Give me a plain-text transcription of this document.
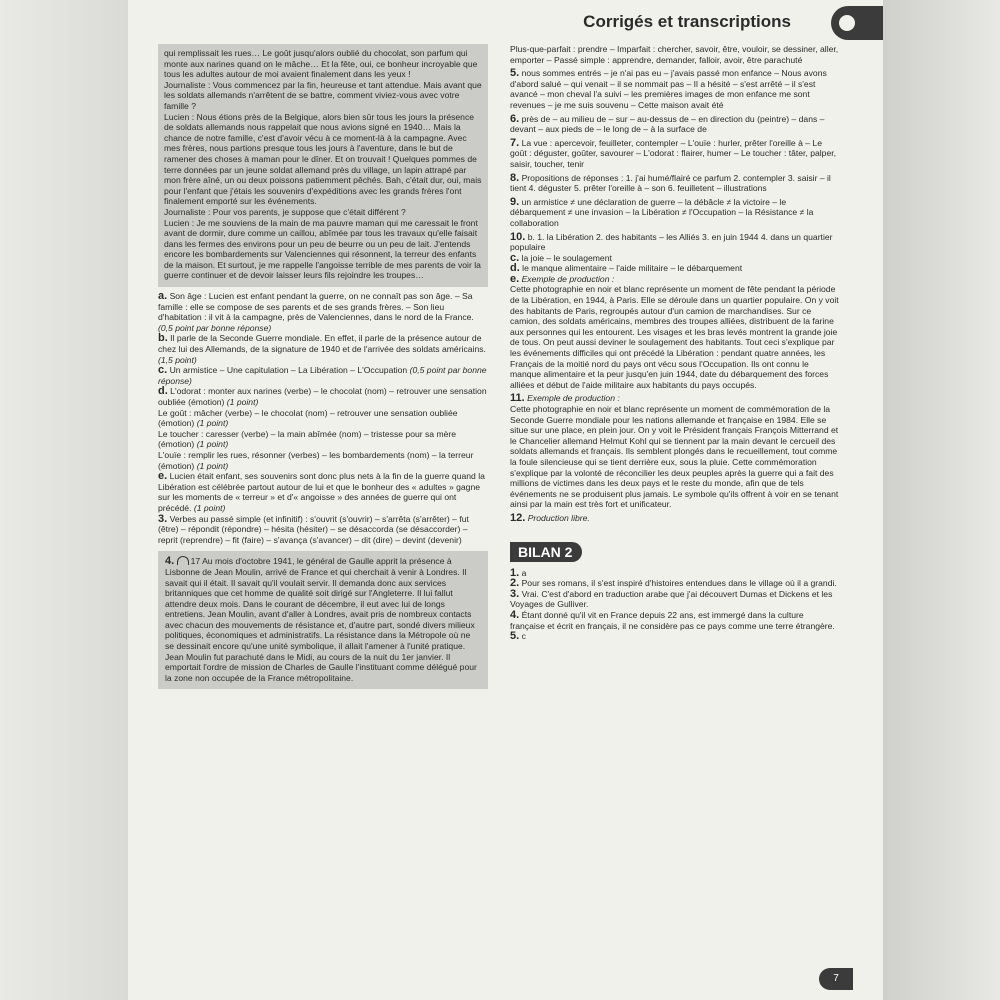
Corrigés et transcriptions

qui remplissait les rues… Le goût jusqu'alors oublié du chocolat, son parfum qui monte aux narines quand on le mâche… Et la fête, oui, ce bonheur incroyable que tous les adultes autour de moi avaient finalement dans les yeux !

Journaliste : Vous commencez par la fin, heureuse et tant attendue. Mais avant que les soldats allemands n'arrêtent de se battre, comment viviez-vous avec votre famille ?

Lucien : Nous étions près de la Belgique, alors bien sûr tous les jours la présence de soldats allemands nous rappelait que nous avions signé en 1940… Mais la chance de notre famille, c'est d'avoir vécu à ce moment-là à la campagne. Avec mes frères, nous partions presque tous les jours à l'aventure, dans le but de ramener des choses à maman pour le dîner. Et on trouvait ! Quelques pommes de terre données par un jeune soldat allemand près du village, un lapin attrapé par mon frère aîné, un ou deux poissons patiemment pêchés. Bah, c'était dur, oui, mais pour l'enfant que j'étais les souvenirs d'expéditions avec les grands frères l'ont finalement emporté sur les événements.

Journaliste : Pour vos parents, je suppose que c'était différent ?

Lucien : Je me souviens de la main de ma pauvre maman qui me caressait le front avant de dormir, dure comme un caillou, abîmée par tous les travaux qu'elle faisait dans les fermes des environs pour un peu de beurre ou un peu de lait. J'entends encore les bombardements sur Valenciennes qui résonnent, la terreur des enfants de la maison. Et surtout, je me rappelle l'angoisse terrible de mes parents de voir la guerre continuer et de devoir laisser leurs fils rejoindre les troupes…

a. Son âge : Lucien est enfant pendant la guerre, on ne connaît pas son âge. – Sa famille : elle se compose de ses parents et de ses grands frères. – Son lieu d'habitation : il vit à la campagne, près de Valenciennes, dans le nord de la France. (0,5 point par bonne réponse)

b. Il parle de la Seconde Guerre mondiale. En effet, il parle de la présence autour de chez lui des Allemands, de la signature de 1940 et de l'arrivée des soldats américains. (1,5 point)

c. Un armistice – Une capitulation – La Libération – L'Occupation (0,5 point par bonne réponse)

d. L'odorat : monter aux narines (verbe) – le chocolat (nom) – retrouver une sensation oubliée (émotion) (1 point)

Le goût : mâcher (verbe) – le chocolat (nom) – retrouver une sensation oubliée (émotion) (1 point)

Le toucher : caresser (verbe) – la main abîmée (nom) – tristesse pour sa mère (émotion) (1 point)

L'ouïe : remplir les rues, résonner (verbes) – les bombardements (nom) – la terreur (émotion) (1 point)

e. Lucien était enfant, ses souvenirs sont donc plus nets à la fin de la guerre quand la Libération est célébrée partout autour de lui et que le bonheur des « adultes » gagne sur les moments de « terreur » et d'« angoisse » des années de guerre qui ont précédé. (1 point)

3. Verbes au passé simple (et infinitif) : s'ouvrit (s'ouvrir) – s'arrêta (s'arrêter) – fut (être) – répondit (répondre) – hésita (hésiter) – se désaccorda (se désaccorder) – reprit (reprendre) – fit (faire) – s'avança (s'avancer) – dit (dire) – devint (devenir)

4. 17 Au mois d'octobre 1941, le général de Gaulle apprit la présence à Lisbonne de Jean Moulin, arrivé de France et qui cherchait à venir à Londres. Il savait qui il était. Il savait qu'il voulait servir. Il demanda donc aux services britanniques que cet homme de qualité soit dirigé sur l'Angleterre. Il lui fallut attendre deux mois. Dans le courant de décembre, il eut avec lui de longs entretiens. Jean Moulin, avant d'aller à Londres, avait pris de nombreux contacts avec chacun des mouvements de résistance et, d'autre part, sondé divers milieux politiques, économiques et administratifs. La résistance dans la Métropole où ne se dessinait encore qu'une unité symbolique, il allait l'amener à l'unité pratique. Jean Moulin fut parachuté dans le Midi, au cours de la nuit du 1er janvier. Il emportait l'ordre de mission de Charles de Gaulle l'instituant comme délégué pour la zone non occupée de la France métropolitaine.

Plus-que-parfait : prendre – Imparfait : chercher, savoir, être, vouloir, se dessiner, aller, emporter – Passé simple : apprendre, demander, falloir, avoir, être parachuté

5. nous sommes entrés – je n'ai pas eu – j'avais passé mon enfance – Nous avons d'abord salué – qui venait – il se nommait pas – Il a hésité – s'est arrêté – il s'est avancé – mon cheval l'a suivi – les premières images de mon enfance me sont revenues – je me suis souvenu – Cette maison avait été

6. près de – au milieu de – sur – au-dessus de – en direction du (peintre) – dans – devant – aux pieds de – le long de – à la surface de

7. La vue : apercevoir, feuilleter, contempler – L'ouïe : hurler, prêter l'oreille à – Le goût : déguster, goûter, savourer – L'odorat : flairer, humer – Le toucher : tâter, palper, saisir, toucher, tenir

8. Propositions de réponses : 1. j'ai humé/flairé ce parfum 2. contempler 3. saisir – il tient 4. déguster 5. prêter l'oreille à – son 6. feuilletent – illustrations

9. un armistice ≠ une déclaration de guerre – la débâcle ≠ la victoire – le débarquement ≠ une invasion – la Libération ≠ l'Occupation – la Résistance ≠ la collaboration

10. b. 1. la Libération 2. des habitants – les Alliés 3. en juin 1944 4. dans un quartier populaire

c. la joie – le soulagement

d. le manque alimentaire – l'aide militaire – le débarquement

e. Exemple de production :

Cette photographie en noir et blanc représente un moment de fête pendant la période de la Libération, en 1944, à Paris. Elle se déroule dans un quartier populaire. On y voit des habitants de Paris, regroupés autour d'un camion de marchandises. Sur ce camion, des soldats américains, membres des troupes alliées, distribuent de la farine aux personnes qui les entourent. Les visages et les bras levés montrent la grande joie de tous. On peut aussi deviner le soulagement des habitants. Tout ceci s'explique par les événements difficiles qui ont précédé la Libération : pendant quatre années, les Français de la moitié nord du pays ont vécu sous l'Occupation. Ils ont connu le manque alimentaire et la peur jusqu'en juin 1944, date du débarquement des forces alliées et début de l'aide militaire aux habitants du pays occupés.

11. Exemple de production :

Cette photographie en noir et blanc représente un moment de commémoration de la Seconde Guerre mondiale pour les nations allemande et française en 1984. Elle se situe sur une place, en plein jour. On y voit le Président français François Mitterrand et le Chancelier allemand Helmut Kohl qui se tiennent par la main devant le cercueil des soldats allemands et français. Ils semblent plongés dans le recueillement, tout comme la foule silencieuse qui se tient derrière eux, sous la pluie. Cette commémoration s'explique par la volonté de réconcilier les deux peuples après la guerre qui a fait des millions de victimes dans les deux pays et le reste du monde, afin que de tels événements ne se produisent plus jamais. Le symbole qu'ils offrent à voir en se tenant ainsi par la main est très fort et unificateur.

12. Production libre.

BILAN 2

1. a

2. Pour ses romans, il s'est inspiré d'histoires entendues dans le village où il a grandi.

3. Vrai. C'est d'abord en traduction arabe que j'ai découvert Dumas et Dickens et les Voyages de Gulliver.

4. Étant donné qu'il vit en France depuis 22 ans, est immergé dans la culture française et écrit en français, il ne considère pas ce pays comme une terre étrangère.

5. c

7
